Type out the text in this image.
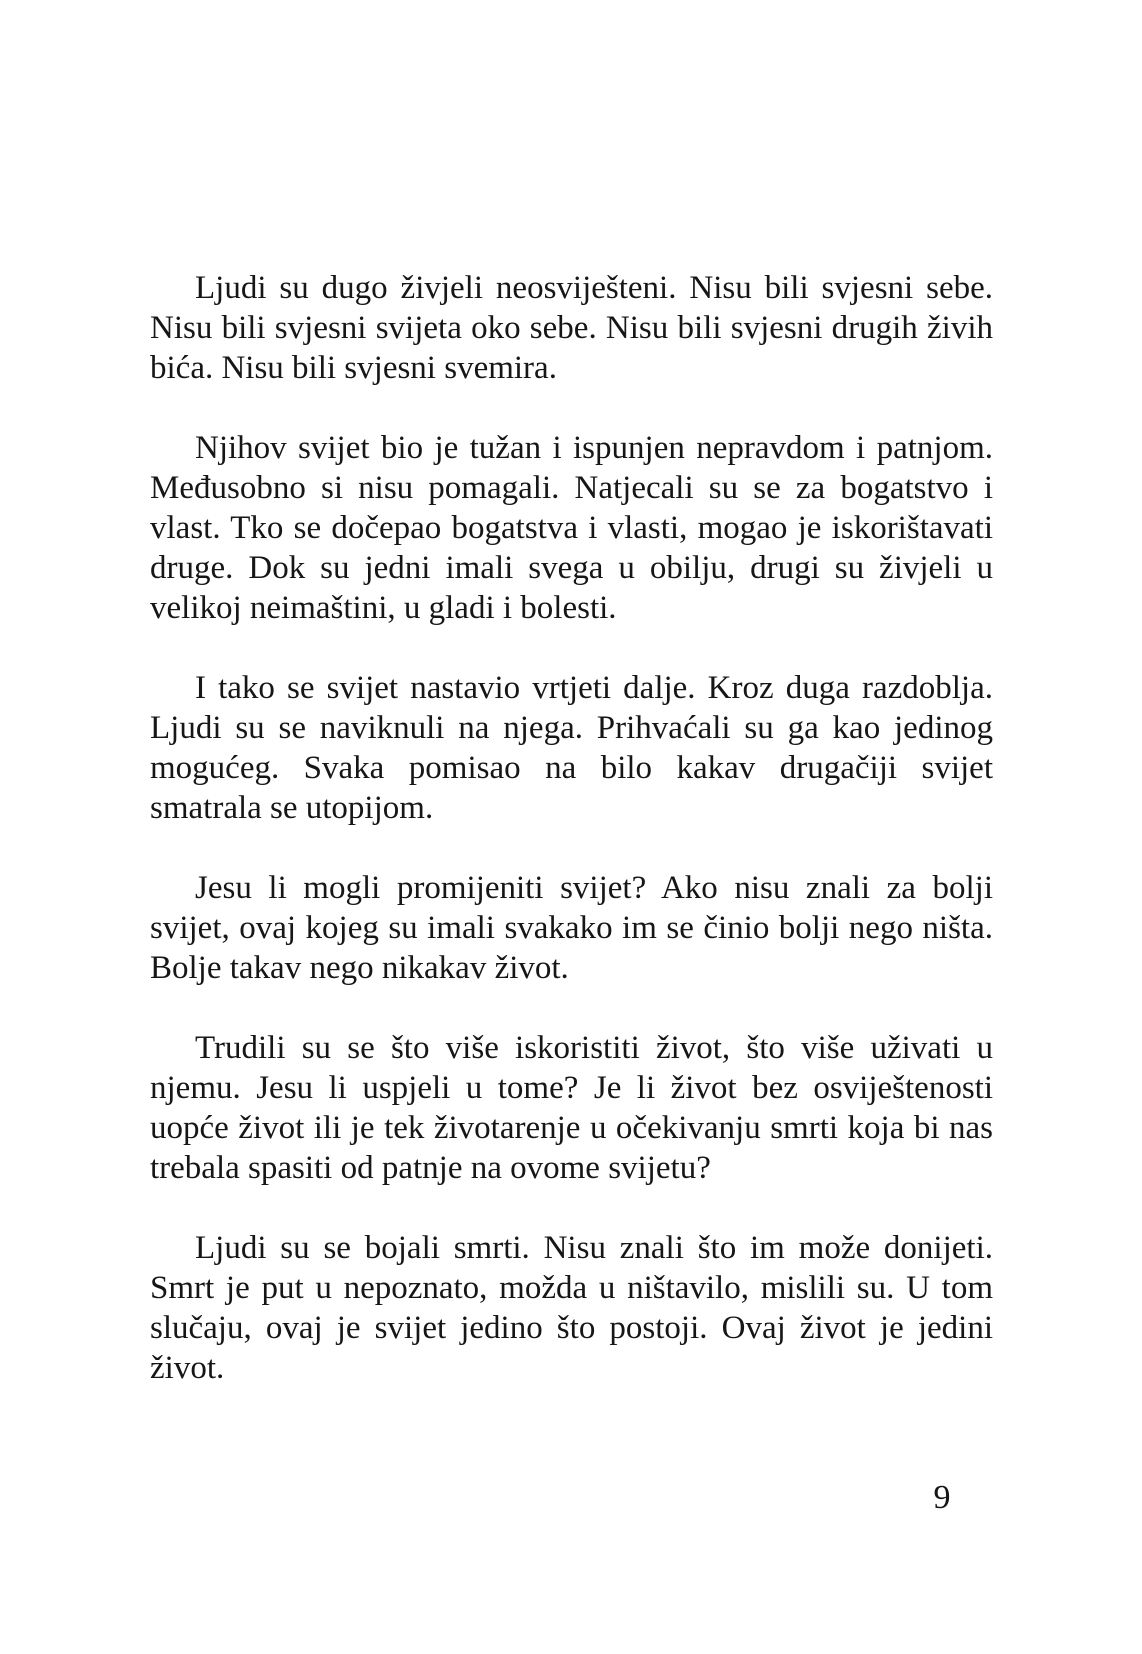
Ljudi su dugo živjeli neosviješteni. Nisu bili svjesni sebe. Nisu bili svjesni svijeta oko sebe. Nisu bili svjesni drugih živih bića. Nisu bili svjesni svemira.

Njihov svijet bio je tužan i ispunjen nepravdom i patnjom. Međusobno si nisu pomagali. Natjecali su se za bogatstvo i vlast. Tko se dočepao bogatstva i vlasti, mogao je iskorištavati druge. Dok su jedni imali svega u obilju, drugi su živjeli u velikoj neimaštini, u gladi i bolesti.

I tako se svijet nastavio vrtjeti dalje. Kroz duga razdoblja. Ljudi su se naviknuli na njega. Prihvaćali su ga kao jedinog mogućeg. Svaka pomisao na bilo kakav drugačiji svijet smatrala se utopijom.

Jesu li mogli promijeniti svijet? Ako nisu znali za bolji svijet, ovaj kojeg su imali svakako im se činio bolji nego ništa. Bolje takav nego nikakav život.

Trudili su se što više iskoristiti život, što više uživati u njemu. Jesu li uspjeli u tome? Je li život bez osviještenosti uopće život ili je tek životarenje u očekivanju smrti koja bi nas trebala spasiti od patnje na ovome svijetu?

Ljudi su se bojali smrti. Nisu znali što im može donijeti. Smrt je put u nepoznato, možda u ništavilo, mislili su. U tom slučaju, ovaj je svijet jedino što postoji. Ovaj život je jedini život.

9
